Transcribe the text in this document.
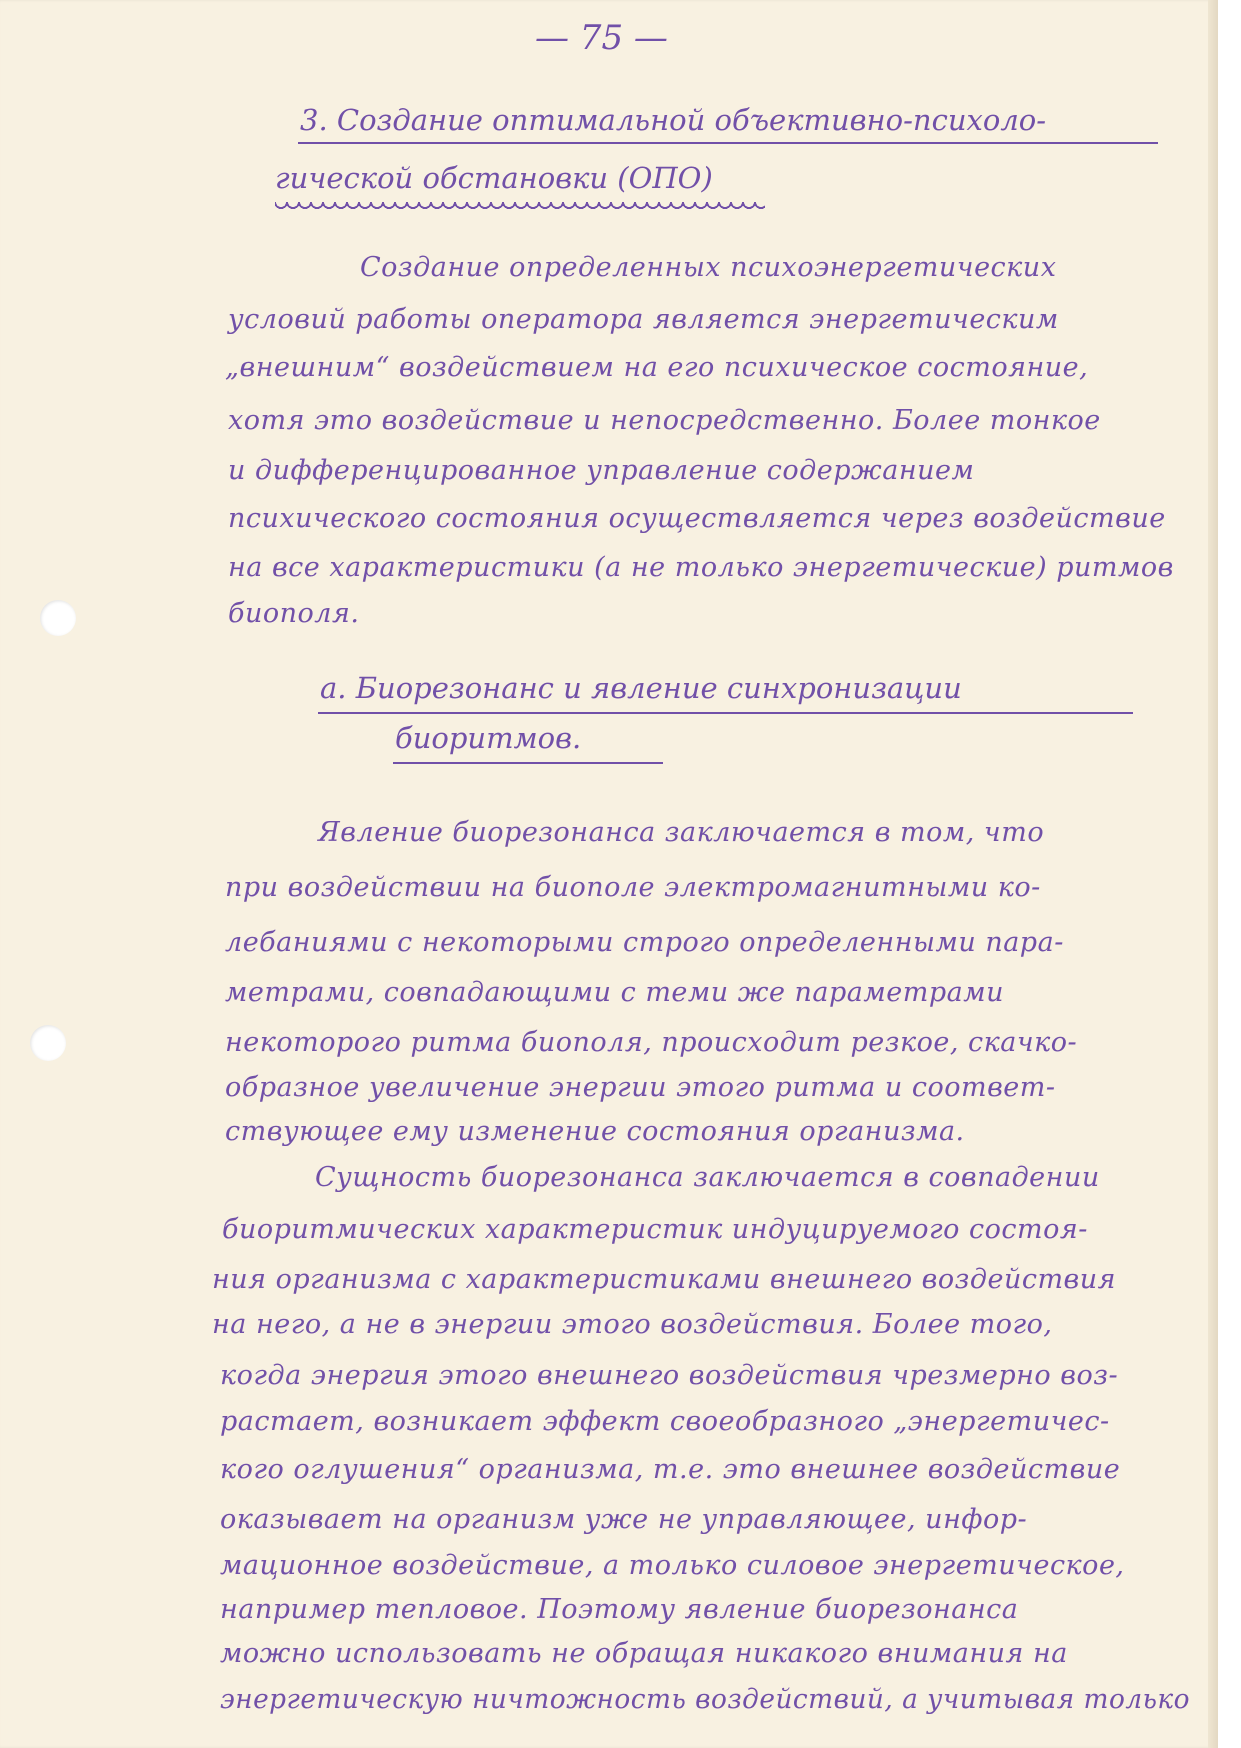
— 75 —
3. Создание оптимальной объективно-психоло-
гической обстановки (ОПО)
Создание определенных психоэнергетических
условий работы оператора является энергетическим
„внешним“ воздействием на его психическое состояние,
хотя это воздействие и непосредственно. Более тонкое
и дифференцированное управление содержанием
психического состояния осуществляется через воздействие
на все характеристики (а не только энергетические) ритмов
биополя.
а. Биорезонанс и явление синхронизации
биоритмов.
Явление биорезонанса заключается в том, что
при воздействии на биополе электромагнитными ко-
лебаниями с некоторыми строго определенными пара-
метрами, совпадающими с теми же параметрами
некоторого ритма биополя, происходит резкое, скачко-
образное увеличение энергии этого ритма и соответ-
ствующее ему изменение состояния организма.
Сущность биорезонанса заключается в совпадении
биоритмических характеристик индуцируемого состоя-
ния организма с характеристиками внешнего воздействия
на него, а не в энергии этого воздействия. Более того,
когда энергия этого внешнего воздействия чрезмерно воз-
растает, возникает эффект своеобразного „энергетичес-
кого оглушения“ организма, т.е. это внешнее воздействие
оказывает на организм уже не управляющее, инфор-
мационное воздействие, а только силовое энергетическое,
например тепловое. Поэтому явление биорезонанса
можно использовать не обращая никакого внимания на
энергетическую ничтожность воздействий, а учитывая только
